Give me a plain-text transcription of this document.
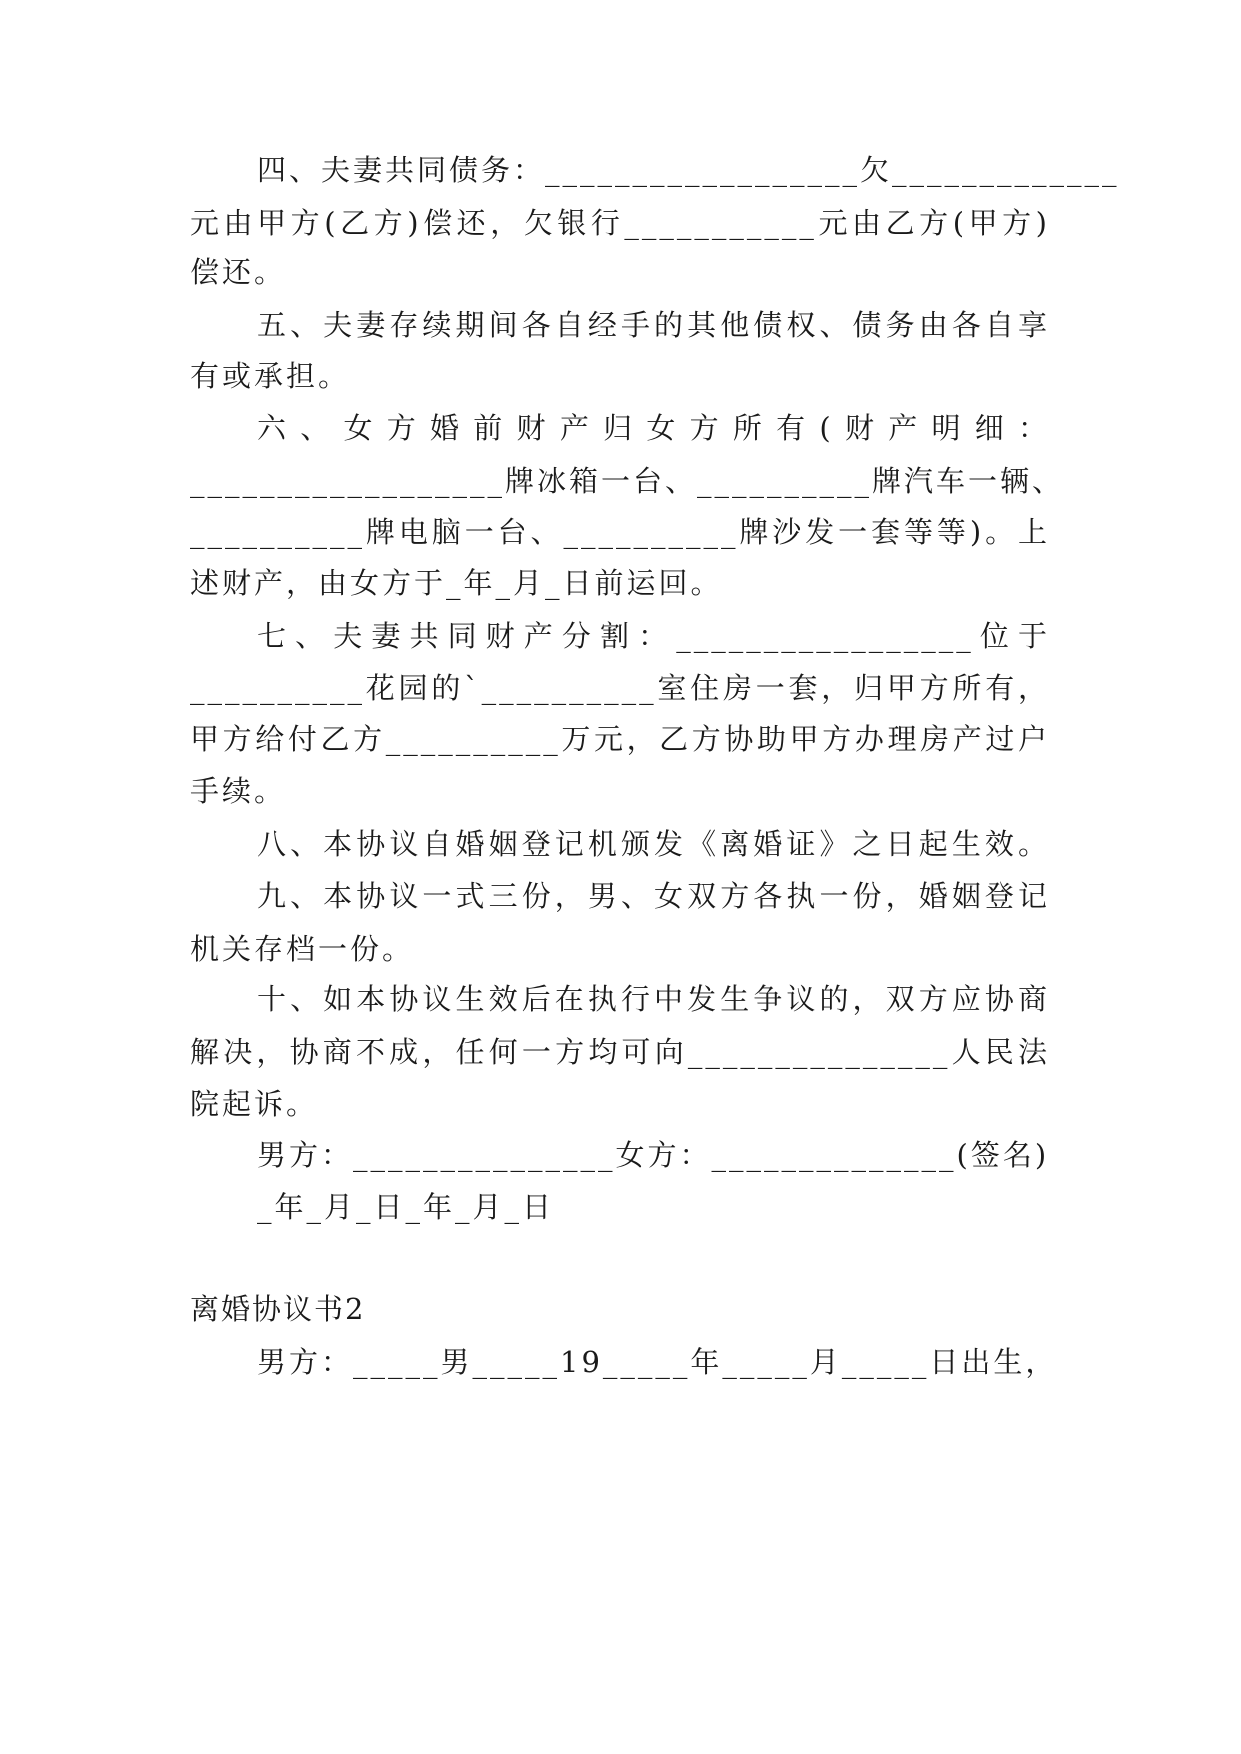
四、夫妻共同债务：__________________欠_____________
元由甲方(乙方)偿还，欠银行___________元由乙方(甲方)
偿还。
五、夫妻存续期间各自经手的其他债权、债务由各自享
有或承担。
六、女方婚前财产归女方所有(财产明细：
__________________牌冰箱一台、__________牌汽车一辆、
__________牌电脑一台、__________牌沙发一套等等)。上
述财产，由女方于_年_月_日前运回。
七、夫妻共同财产分割：_________________位于
__________花园的`__________室住房一套，归甲方所有，
甲方给付乙方__________万元，乙方协助甲方办理房产过户
手续。
八、本协议自婚姻登记机颁发《离婚证》之日起生效。
九、本协议一式三份，男、女双方各执一份，婚姻登记
机关存档一份。
十、如本协议生效后在执行中发生争议的，双方应协商
解决，协商不成，任何一方均可向_______________人民法
院起诉。
男方：_______________女方：______________(签名)
_年_月_日_年_月_日
离婚协议书2
男方：_____男_____19_____年_____月_____日出生，
